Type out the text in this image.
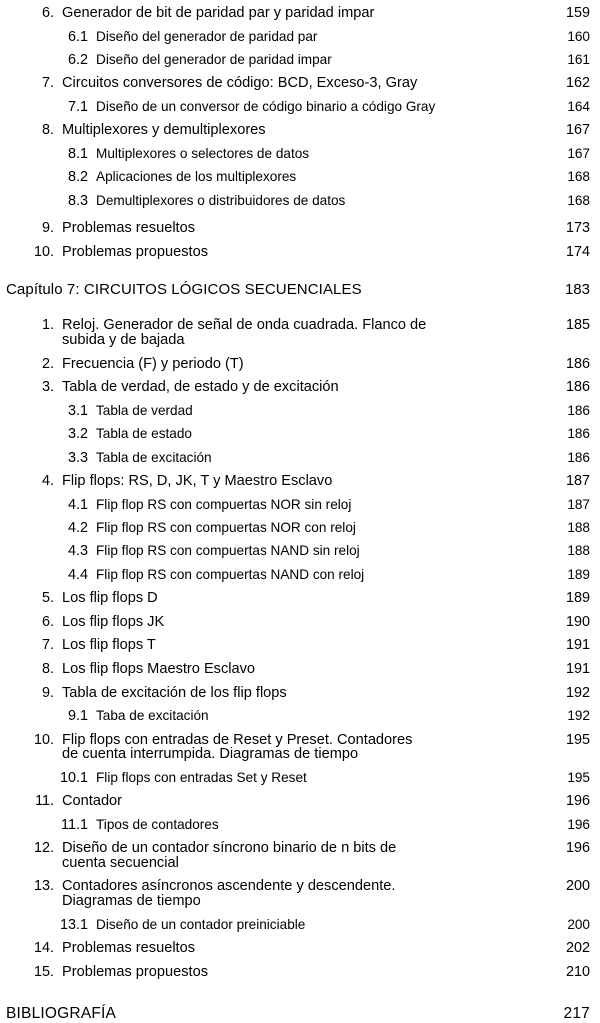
6. Generador de bit de paridad par y paridad impar	159
6.1 Diseño del generador de paridad par	160
6.2 Diseño del generador de paridad impar	161
7. Circuitos conversores de código: BCD, Exceso-3, Gray	162
7.1 Diseño de un conversor de código binario a código Gray	164
8. Multiplexores y demultiplexores	167
8.1 Multiplexores o selectores de datos	167
8.2 Aplicaciones de los multiplexores	168
8.3 Demultiplexores o distribuidores de datos	168
9. Problemas resueltos	173
10. Problemas propuestos	174
Capítulo 7: CIRCUITOS LÓGICOS SECUENCIALES	183
1. Reloj. Generador de señal de onda cuadrada. Flanco de
subida y de bajada
185
2. Frecuencia (F) y periodo (T)	186
3. Tabla de verdad, de estado y de excitación	186
3.1 Tabla de verdad	186
3.2 Tabla de estado	186
3.3 Tabla de excitación	186
4. Flip flops: RS, D, JK, T y Maestro Esclavo	187
4.1 Flip flop RS con compuertas NOR sin reloj	187
4.2 Flip flop RS con compuertas NOR con reloj	188
4.3 Flip flop RS con compuertas NAND sin reloj	188
4.4 Flip flop RS con compuertas NAND con reloj	189
5. Los flip flops D	189
6. Los flip flops JK	190
7. Los flip flops T	191
8. Los flip flops Maestro Esclavo	191
9. Tabla de excitación de los flip flops	192
9.1 Taba de excitación	192
10. Flip flops con entradas de Reset y Preset. Contadores
de cuenta interrumpida. Diagramas de tiempo
195
10.1 Flip flops con entradas Set y Reset	195
11. Contador	196
11.1 Tipos de contadores	196
12. Diseño de un contador síncrono binario de n bits de
cuenta secuencial
196
13. Contadores asíncronos ascendente y descendente.
Diagramas de tiempo
200
13.1 Diseño de un contador preiniciable	200
14. Problemas resueltos	202
15. Problemas propuestos	210
BIBLIOGRAFÍA	217
